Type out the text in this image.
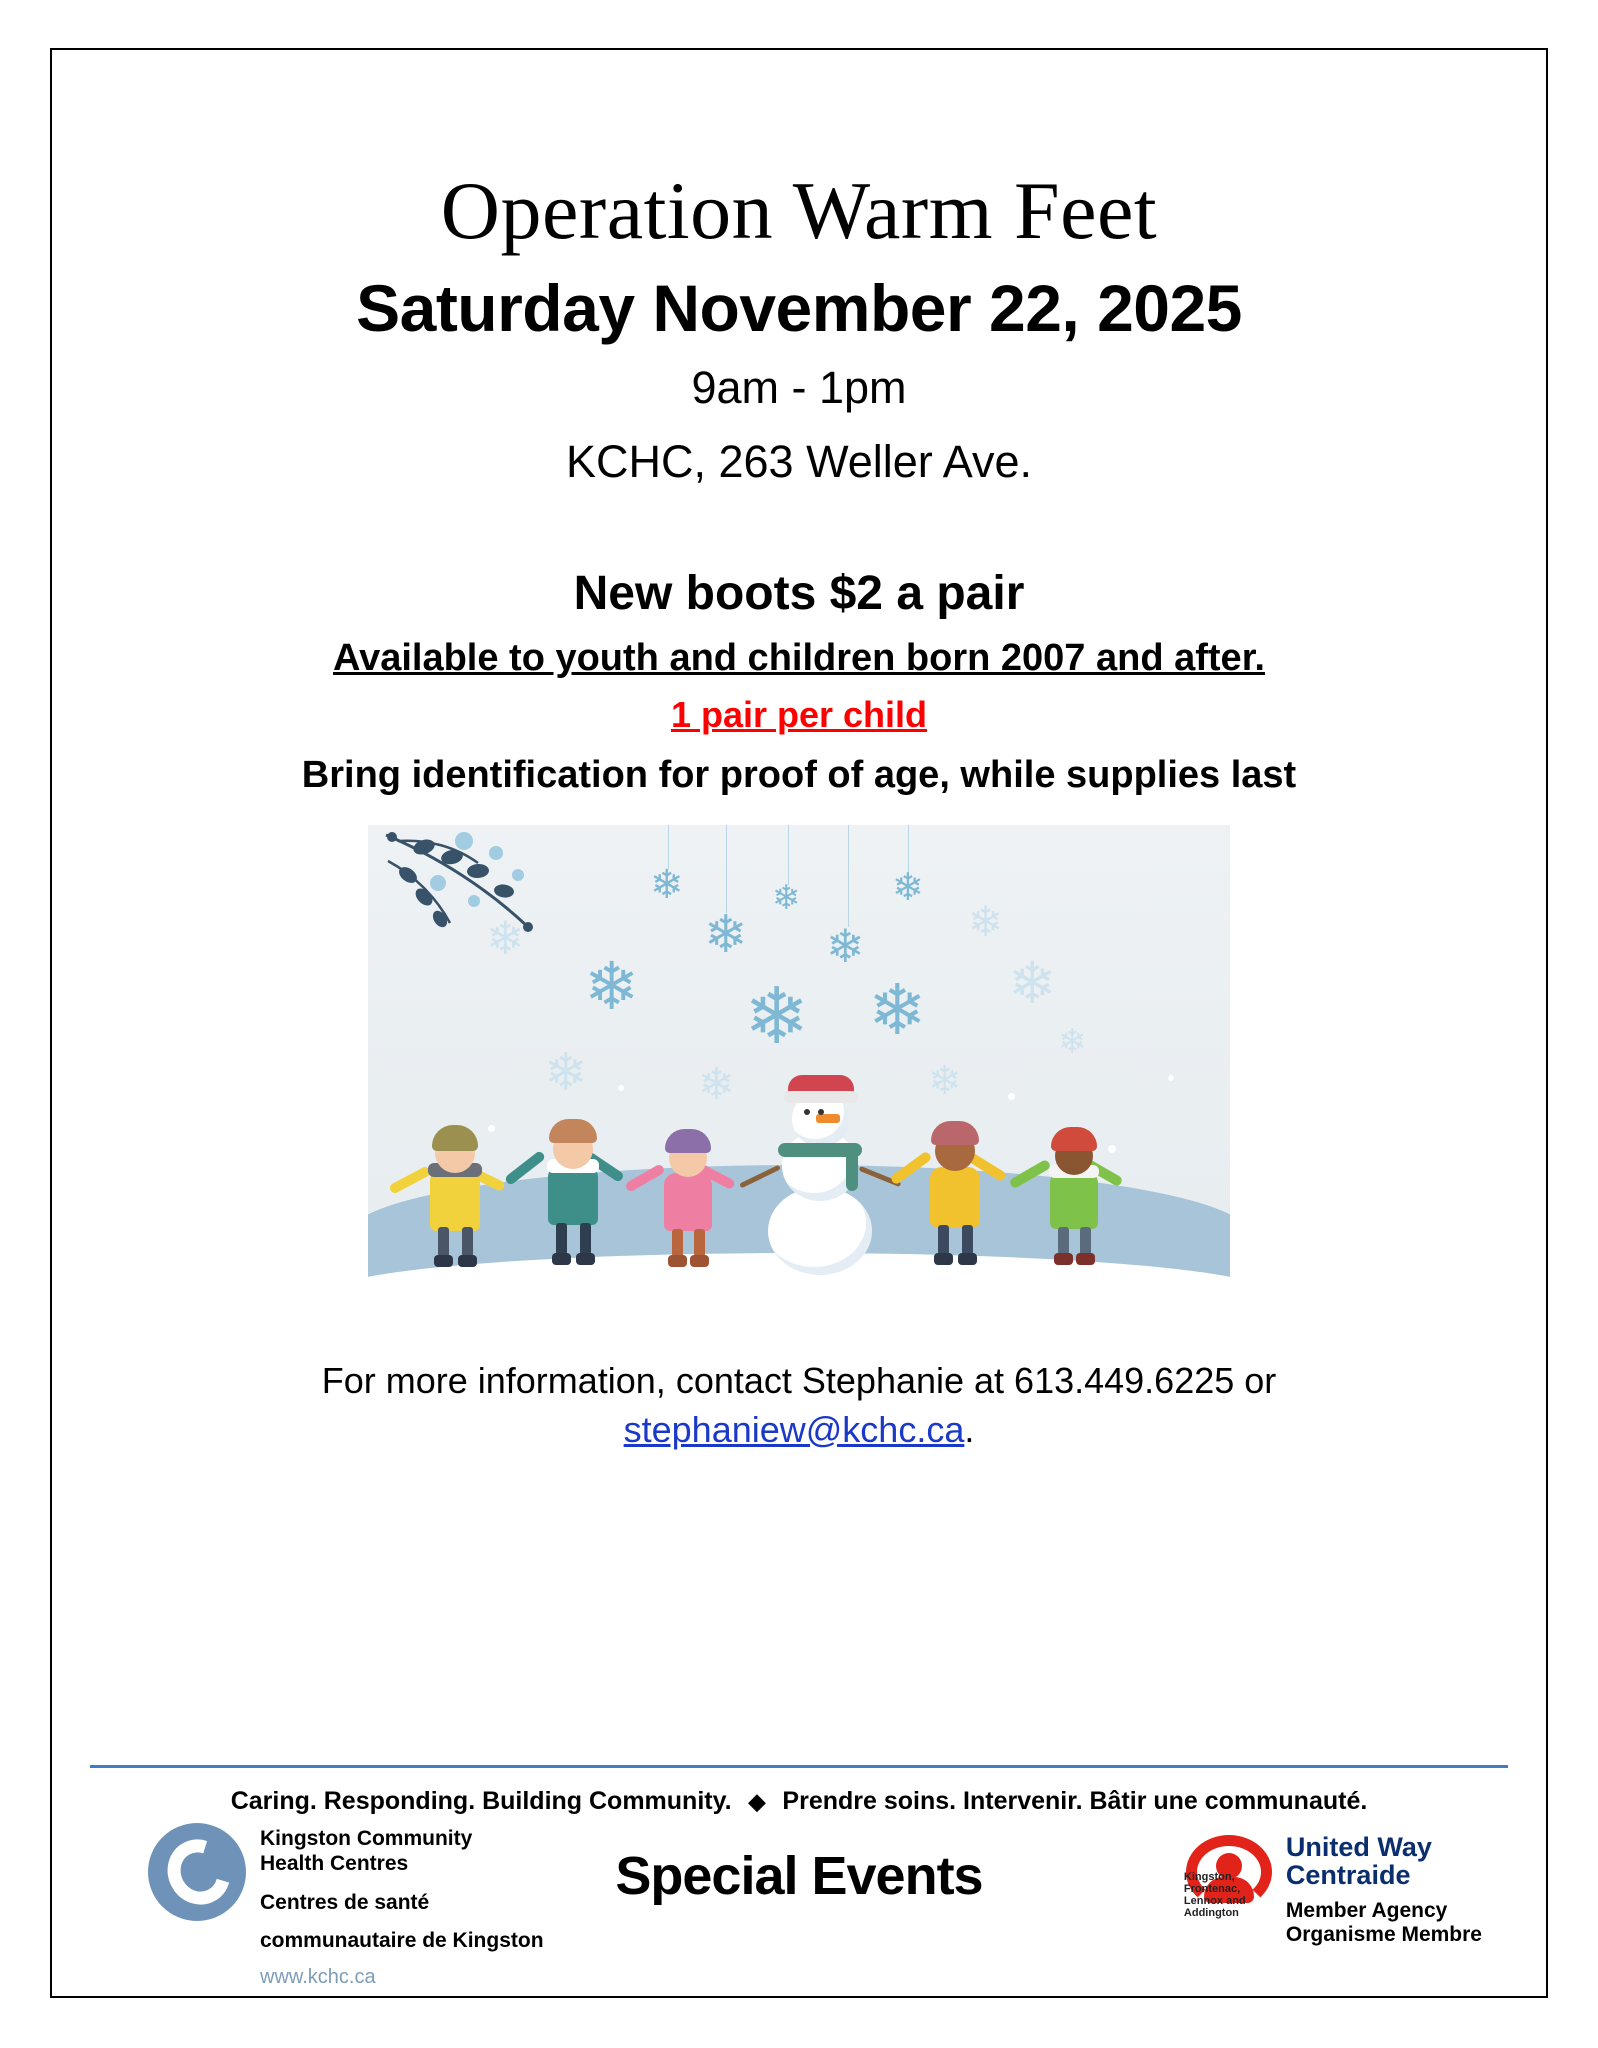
Operation Warm Feet
Saturday November 22, 2025
9am - 1pm
KCHC, 263 Weller Ave.
New boots $2 a pair
Available to youth and children born 2007 and after.
1 pair per child
Bring identification for proof of age, while supplies last
❄
❄
❄
❄
❄
❄ ❄ ❄
❄	❄
❄
❄	❄	❄
❄
For more information, contact Stephanie at 613.449.6225 or
stephaniew@kchc.ca.
Caring. Responding. Building Community. ◆ Prendre soins. Intervenir. Bâtir une communauté.
Kingston Community
Health Centres
Centres de santé
communautaire de Kingston
www.kchc.ca
Special Events	Kingston, Frontenac, Lennox and Addington
United Way
Centraide
Member Agency
Organisme Membre
